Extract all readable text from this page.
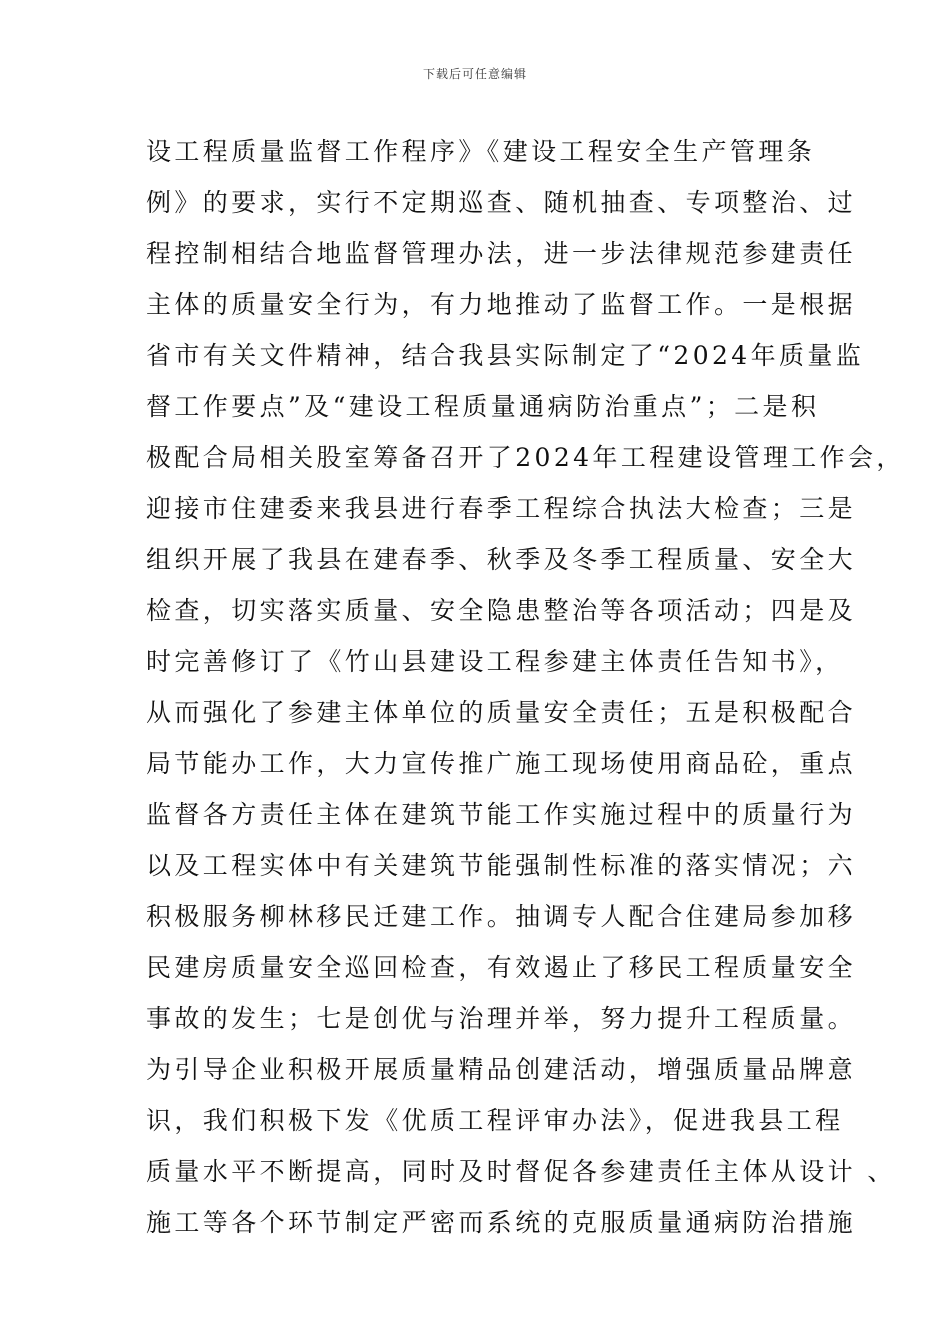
下载后可任意编辑
设工程质量监督工作程序》《建设工程安全生产管理条
例》的要求，实行不定期巡查、随机抽查、专项整治、过
程控制相结合地监督管理办法，进一步法律规范参建责任
主体的质量安全行为，有力地推动了监督工作。一是根据
省市有关文件精神，结合我县实际制定了“2024年质量监
督工作要点”及“建设工程质量通病防治重点”；二是积
极配合局相关股室筹备召开了2024年工程建设管理工作会，
迎接市住建委来我县进行春季工程综合执法大检查；三是
组织开展了我县在建春季、秋季及冬季工程质量、安全大
检查，切实落实质量、安全隐患整治等各项活动；四是及
时完善修订了《竹山县建设工程参建主体责任告知书》，
从而强化了参建主体单位的质量安全责任；五是积极配合
局节能办工作，大力宣传推广施工现场使用商品砼，重点
监督各方责任主体在建筑节能工作实施过程中的质量行为
以及工程实体中有关建筑节能强制性标准的落实情况；六
积极服务柳林移民迁建工作。抽调专人配合住建局参加移
民建房质量安全巡回检查，有效遏止了移民工程质量安全
事故的发生；七是创优与治理并举，努力提升工程质量。
为引导企业积极开展质量精品创建活动，增强质量品牌意
识，我们积极下发《优质工程评审办法》，促进我县工程
质量水平不断提高，同时及时督促各参建责任主体从设计 、
施工等各个环节制定严密而系统的克服质量通病防治措施
